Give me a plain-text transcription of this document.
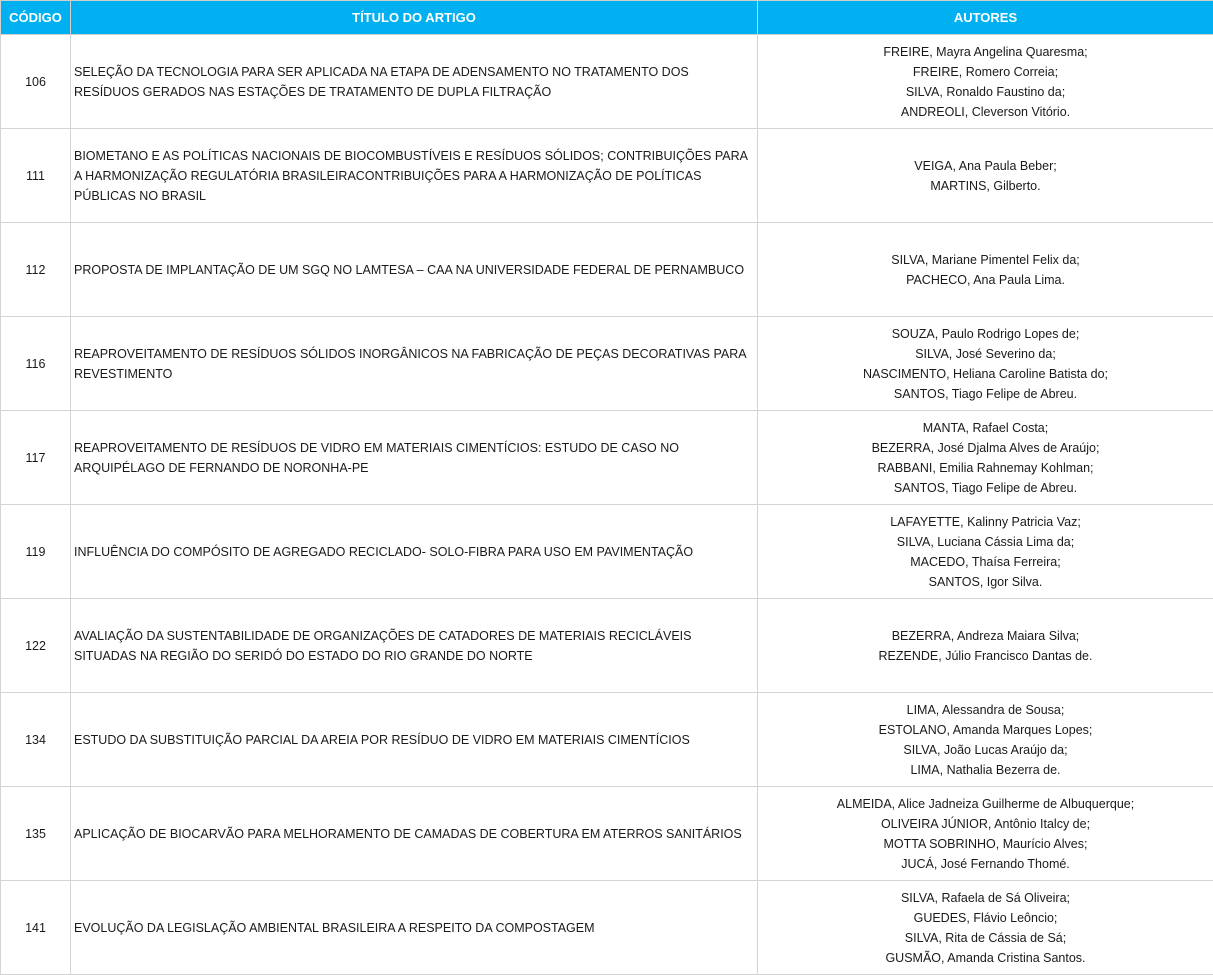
CÓDIGO	TÍTULO DO ARTIGO	AUTORES
106	SELEÇÃO DA TECNOLOGIA PARA SER APLICADA NA ETAPA DE ADENSAMENTO NO TRATAMENTO DOS RESÍDUOS GERADOS NAS ESTAÇÕES DE TRATAMENTO DE DUPLA FILTRAÇÃO	FREIRE, Mayra Angelina Quaresma;
FREIRE, Romero Correia;
SILVA, Ronaldo Faustino da;
ANDREOLI, Cleverson Vitório.

111	BIOMETANO E AS POLÍTICAS NACIONAIS DE BIOCOMBUSTÍVEIS E RESÍDUOS SÓLIDOS; CONTRIBUIÇÕES PARA A HARMONIZAÇÃO REGULATÓRIA BRASILEIRACONTRIBUIÇÕES PARA A HARMONIZAÇÃO DE POLÍTICAS PÚBLICAS NO BRASIL	VEIGA, Ana Paula Beber;
MARTINS, Gilberto.

112	PROPOSTA DE IMPLANTAÇÃO DE UM SGQ NO LAMTESA – CAA NA UNIVERSIDADE FEDERAL DE PERNAMBUCO	SILVA, Mariane Pimentel Felix da;
PACHECO, Ana Paula Lima.

116	REAPROVEITAMENTO DE RESÍDUOS SÓLIDOS INORGÂNICOS NA FABRICAÇÃO DE PEÇAS DECORATIVAS PARA REVESTIMENTO	SOUZA, Paulo Rodrigo Lopes de;
SILVA, José Severino da;
NASCIMENTO, Heliana Caroline Batista do;
SANTOS, Tiago Felipe de Abreu.

117	REAPROVEITAMENTO DE RESÍDUOS DE VIDRO EM MATERIAIS CIMENTÍCIOS: ESTUDO DE CASO NO ARQUIPÉLAGO DE FERNANDO DE NORONHA-PE	MANTA, Rafael Costa;
BEZERRA, José Djalma Alves de Araújo;
RABBANI, Emilia Rahnemay Kohlman;
SANTOS, Tiago Felipe de Abreu.

119	INFLUÊNCIA DO COMPÓSITO DE AGREGADO RECICLADO- SOLO-FIBRA PARA USO EM PAVIMENTAÇÃO	LAFAYETTE, Kalinny Patricia Vaz;
SILVA, Luciana Cássia Lima da;
MACEDO, Thaísa Ferreira;
SANTOS, Igor Silva.

122	AVALIAÇÃO DA SUSTENTABILIDADE DE ORGANIZAÇÕES DE CATADORES DE MATERIAIS RECICLÁVEIS SITUADAS NA REGIÃO DO SERIDÓ DO ESTADO DO RIO GRANDE DO NORTE	BEZERRA, Andreza Maiara Silva;
REZENDE, Júlio Francisco Dantas de.

134	ESTUDO DA SUBSTITUIÇÃO PARCIAL DA AREIA POR RESÍDUO DE VIDRO EM MATERIAIS CIMENTÍCIOS	LIMA, Alessandra de Sousa;
ESTOLANO, Amanda Marques Lopes;
SILVA, João Lucas Araújo da;
LIMA, Nathalia Bezerra de.

135	APLICAÇÃO DE BIOCARVÃO PARA MELHORAMENTO DE CAMADAS DE COBERTURA EM ATERROS SANITÁRIOS	ALMEIDA, Alice Jadneiza Guilherme de Albuquerque;
OLIVEIRA JÚNIOR, Antônio Italcy de;
MOTTA SOBRINHO, Maurício Alves;
JUCÁ, José Fernando Thomé.

141	EVOLUÇÃO DA LEGISLAÇÃO AMBIENTAL BRASILEIRA A RESPEITO DA COMPOSTAGEM	SILVA, Rafaela de Sá Oliveira;
GUEDES, Flávio Leôncio;
SILVA, Rita de Cássia de Sá;
GUSMÃO, Amanda Cristina Santos.
